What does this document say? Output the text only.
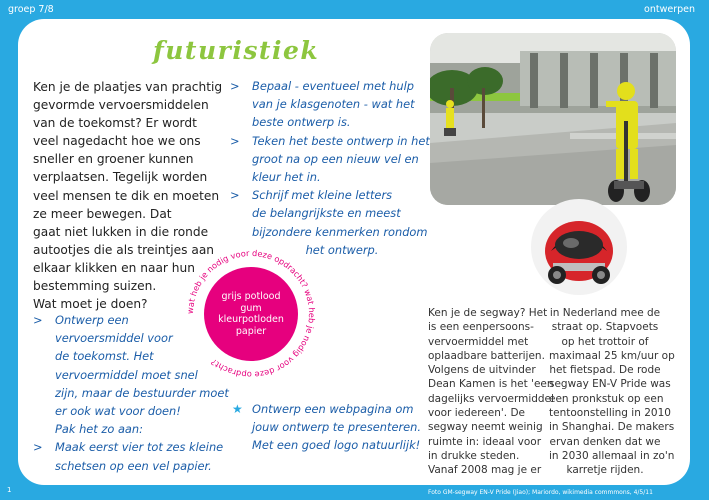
groep 7/8	ontwerpen
futuristiek
Ken je de plaatjes van prachtig
gevormde vervoersmiddelen
van de toekomst? Er wordt
veel nagedacht hoe we ons
sneller en groener kunnen
verplaatsen. Tegelijk worden
veel mensen te dik en moeten
ze meer bewegen. Dat
gaat niet lukken in die ronde
autootjes die als treintjes aan
elkaar klikken en naar hun
bestemming suizen.
Wat moet je doen?
> Ontwerp een
vervoersmiddel voor
de toekomst. Het
vervoermiddel moet snel
zijn, maar de bestuurder moet
er ook wat voor doen!
Pak het zo aan:
> Maak eerst vier tot zes kleine
schetsen op een vel papier.
> Bepaal - eventueel met hulp
van je klasgenoten - wat het
beste ontwerp is.
> Teken het beste ontwerp in het
groot na op een nieuw vel en
kleur het in.
> Schrijf met kleine letters
de belangrijkste en meest
bijzondere kenmerken rondom
het ontwerp.
wat heb je nodig voor deze opdracht? wat heb je nodig voor deze opdracht?
grijs potlood
gum
kleurpotloden
papier
★ Ontwerp een webpagina om
jouw ontwerp te presenteren.
Met een goed logo natuurlijk!
Ken je de segway? Het
is een eenpersoons-
vervoermiddel met
oplaadbare batterijen.
Volgens de uitvinder
Dean Kamen is het 'een
dagelijks vervoermiddel
voor iedereen'. De
segway neemt weinig
ruimte in: ideaal voor
in drukke steden.
Vanaf 2008 mag je er
in Nederland mee de
straat op. Stapvoets
op het trottoir of
maximaal 25 km/uur op
het fietspad. De rode
segway EN-V Pride was
een pronkstuk op een
tentoonstelling in 2010
in Shanghai. De makers
ervan denken dat we
in 2030 allemaal in zo'n
karretje rijden.
1	Foto GM-segway EN-V Pride (Jiao); Mariordo, wikimedia commmons, 4/5/11
